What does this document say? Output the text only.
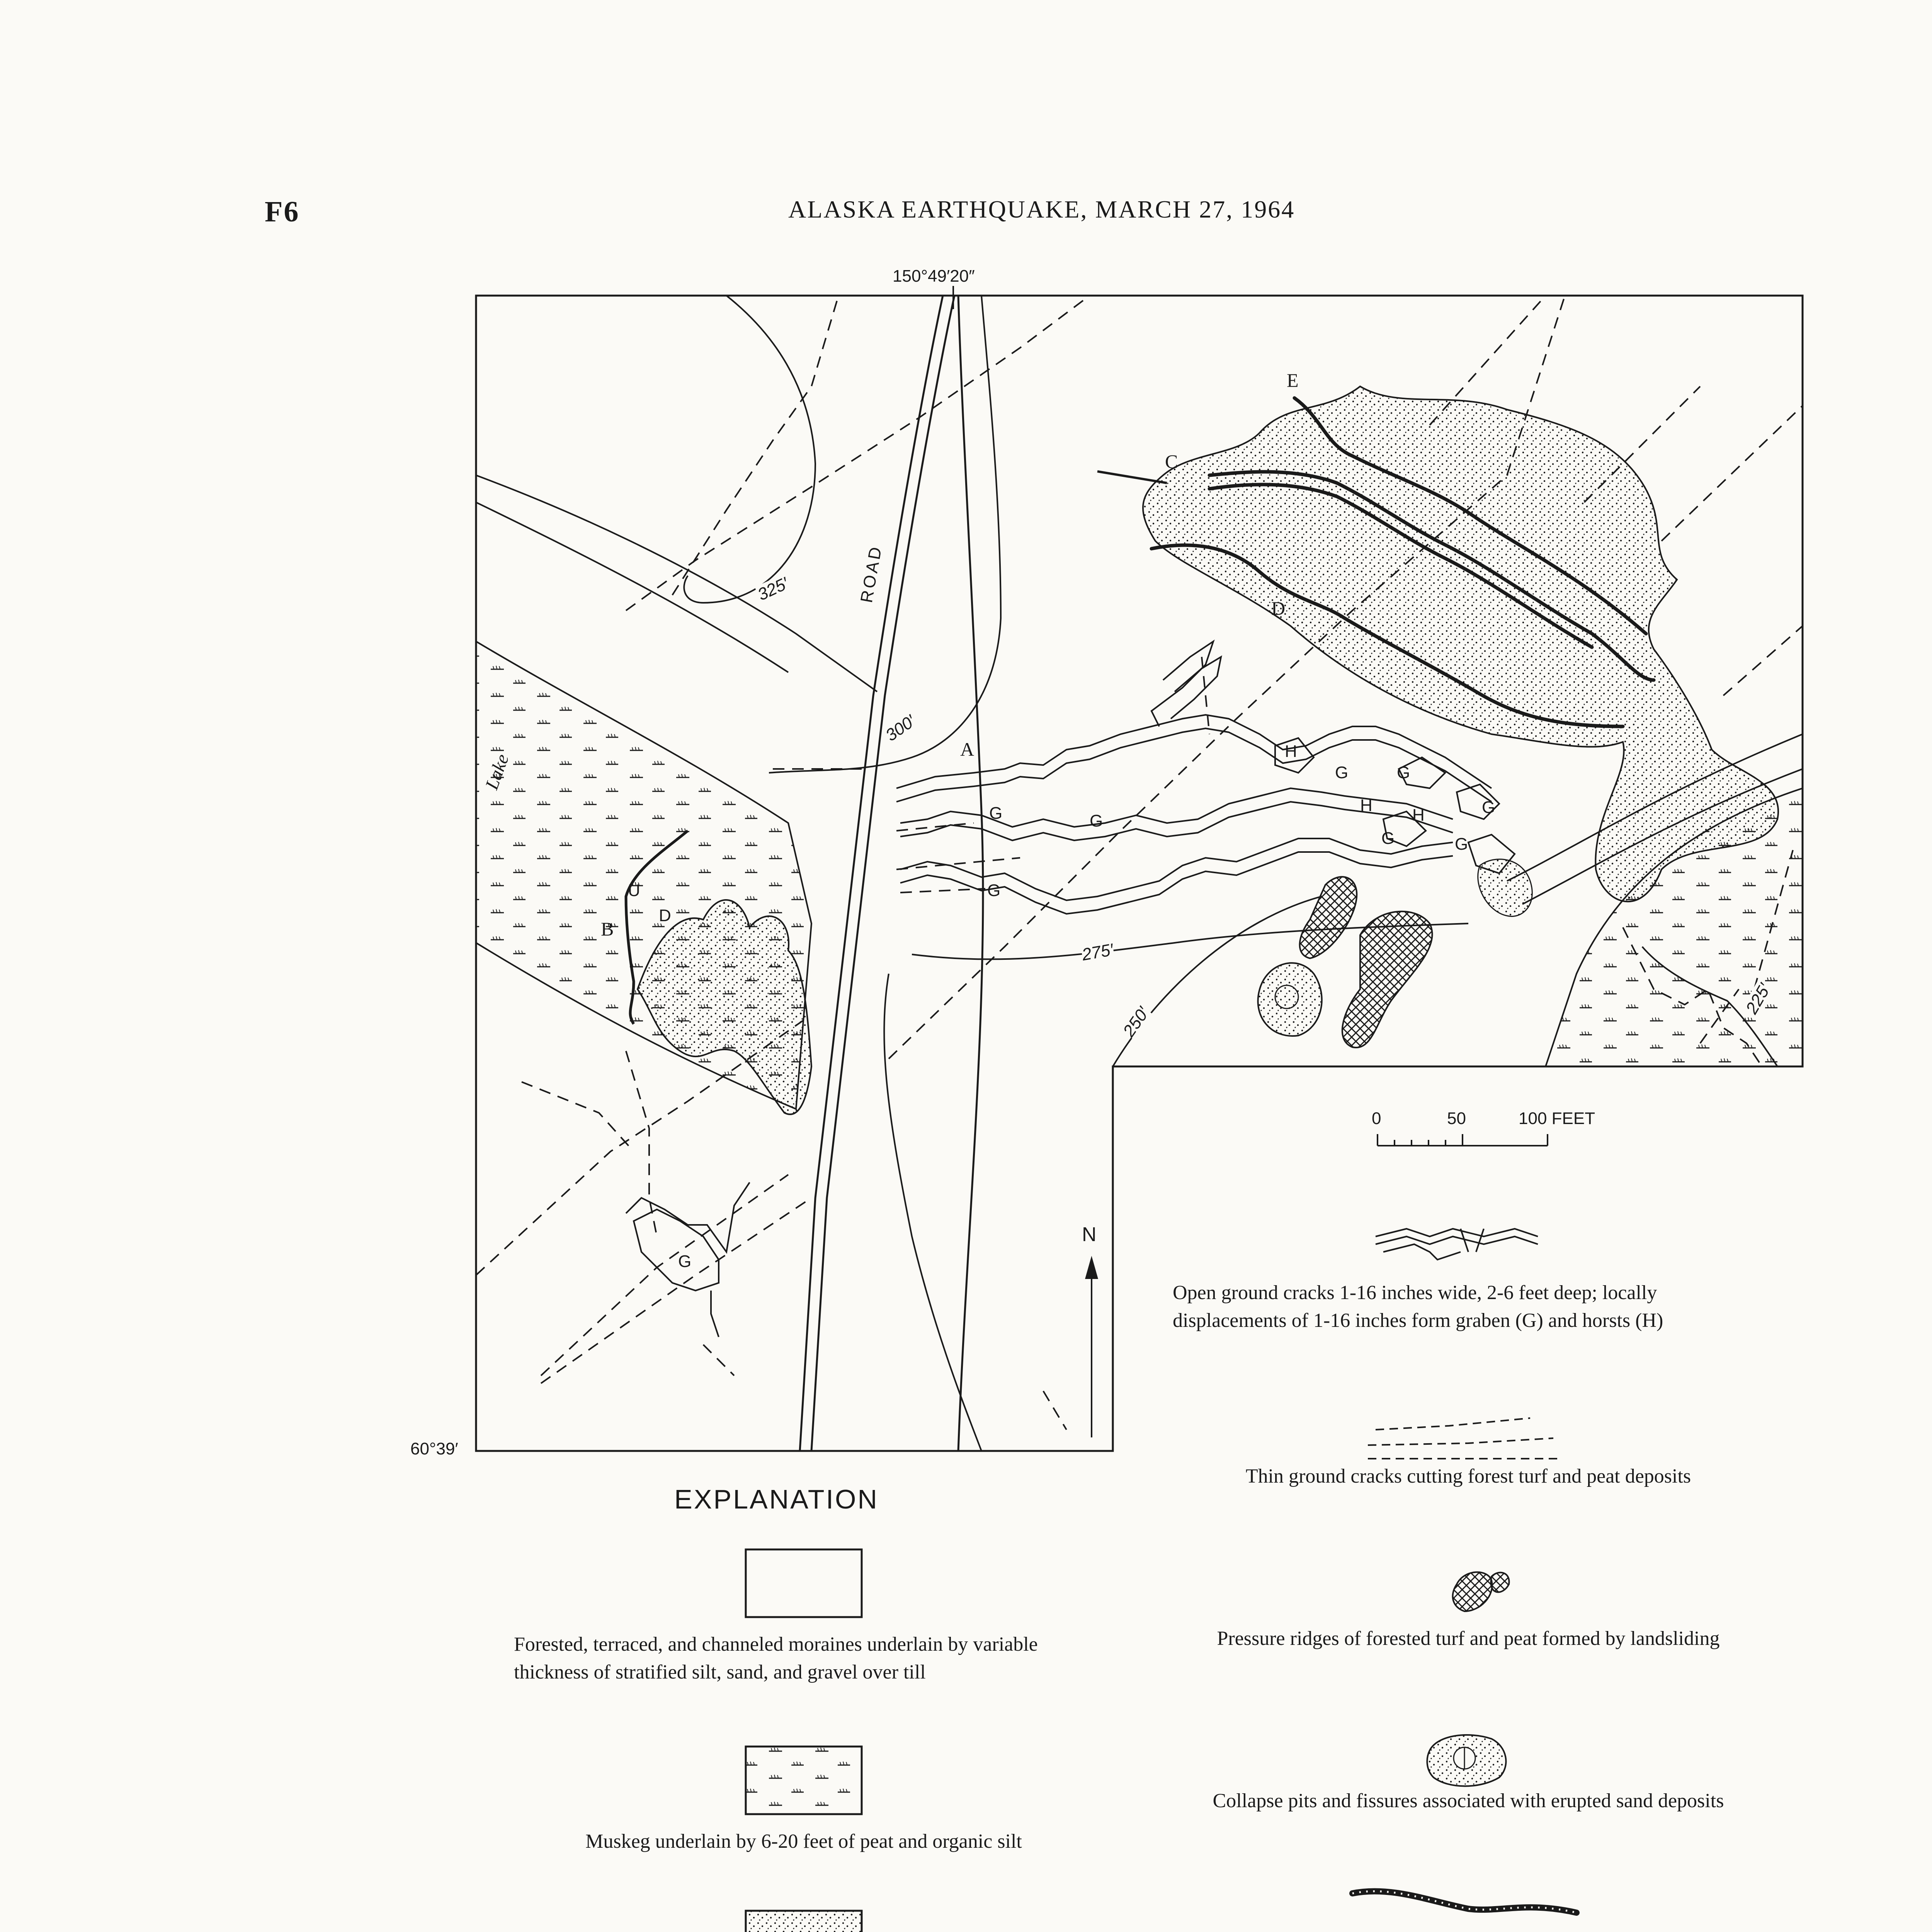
F6	ALASKA EARTHQUAKE, MARCH 27, 1964
150°49′20″
60°39′
ROAD
Lake
325′
300′
275′
250′
225′
A
B
C
D
E
U
D
G	G
G
G	G
G
G	G
G
H
H
H
N
0	50	100 FEET
EXPLANATION
Forested, terraced, and channeled moraines underlain by variable thickness of stratified silt, sand, and gravel over till
Muskeg underlain by 6-20 feet of peat and organic silt
Open ground cracks 1-16 inches wide, 2-6 feet deep; locally displacements of 1-16 inches form graben (G) and horsts (H)
Thin ground cracks cutting forest turf and peat deposits
Pressure ridges of forested turf and peat formed by landsliding
Collapse pits and fissures associated with erupted sand deposits
